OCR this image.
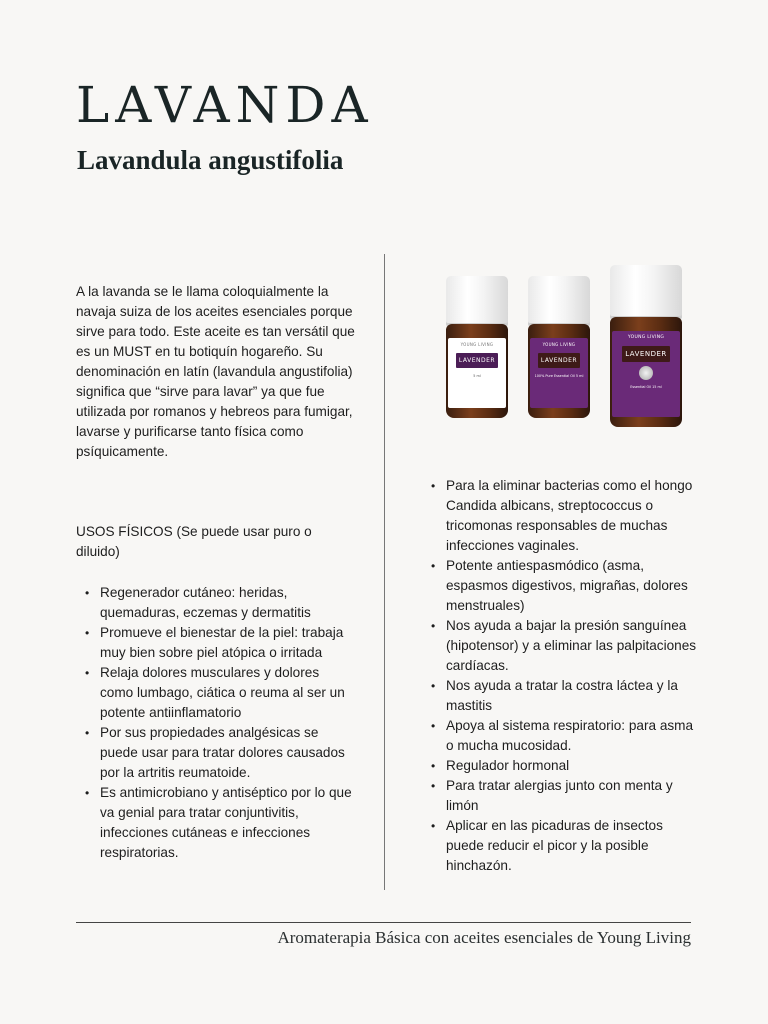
LAVANDA
Lavandula angustifolia

A la lavanda se le llama coloquialmente la navaja suiza de los aceites esenciales porque sirve para todo. Este aceite es tan versátil que es un MUST en tu botiquín hogareño. Su denominación en latín (lavandula angustifolia) significa que “sirve para lavar” ya que fue utilizada por romanos y hebreos para fumigar, lavarse y purificarse tanto física como psíquicamente.

USOS FÍSICOS (Se puede usar puro o diluido)

• Regenerador cutáneo: heridas, quemaduras, eczemas y dermatitis
• Promueve el bienestar de la piel: trabaja muy bien sobre piel atópica o irritada
• Relaja dolores musculares y dolores como lumbago, ciática o reuma al ser un potente antiinflamatorio
• Por sus propiedades analgésicas se puede usar para tratar dolores causados por la artritis reumatoide.
• Es antimicrobiano y antiséptico por lo que va genial para tratar conjuntivitis, infecciones cutáneas e infecciones respiratorias.
YOUNG LIVING
LAVENDER
5 ml
YOUNG LIVING
LAVENDER
100% Pure Essential Oil 5 ml
YOUNG LIVING
LAVENDER
Essential Oil 15 ml
• Para la eliminar bacterias como el hongo Candida albicans, streptococcus o tricomonas responsables de muchas infecciones vaginales.
• Potente antiespasmódico (asma, espasmos digestivos, migrañas, dolores menstruales)
• Nos ayuda a bajar la presión sanguínea (hipotensor) y a eliminar las palpitaciones cardíacas.
• Nos ayuda a tratar la costra láctea y la mastitis
• Apoya al sistema respiratorio: para asma o mucha mucosidad.
• Regulador hormonal
• Para tratar alergias junto con menta y limón
• Aplicar en las picaduras de insectos puede reducir el picor y la posible hinchazón.

Aromaterapia Básica con aceites esenciales de Young Living
